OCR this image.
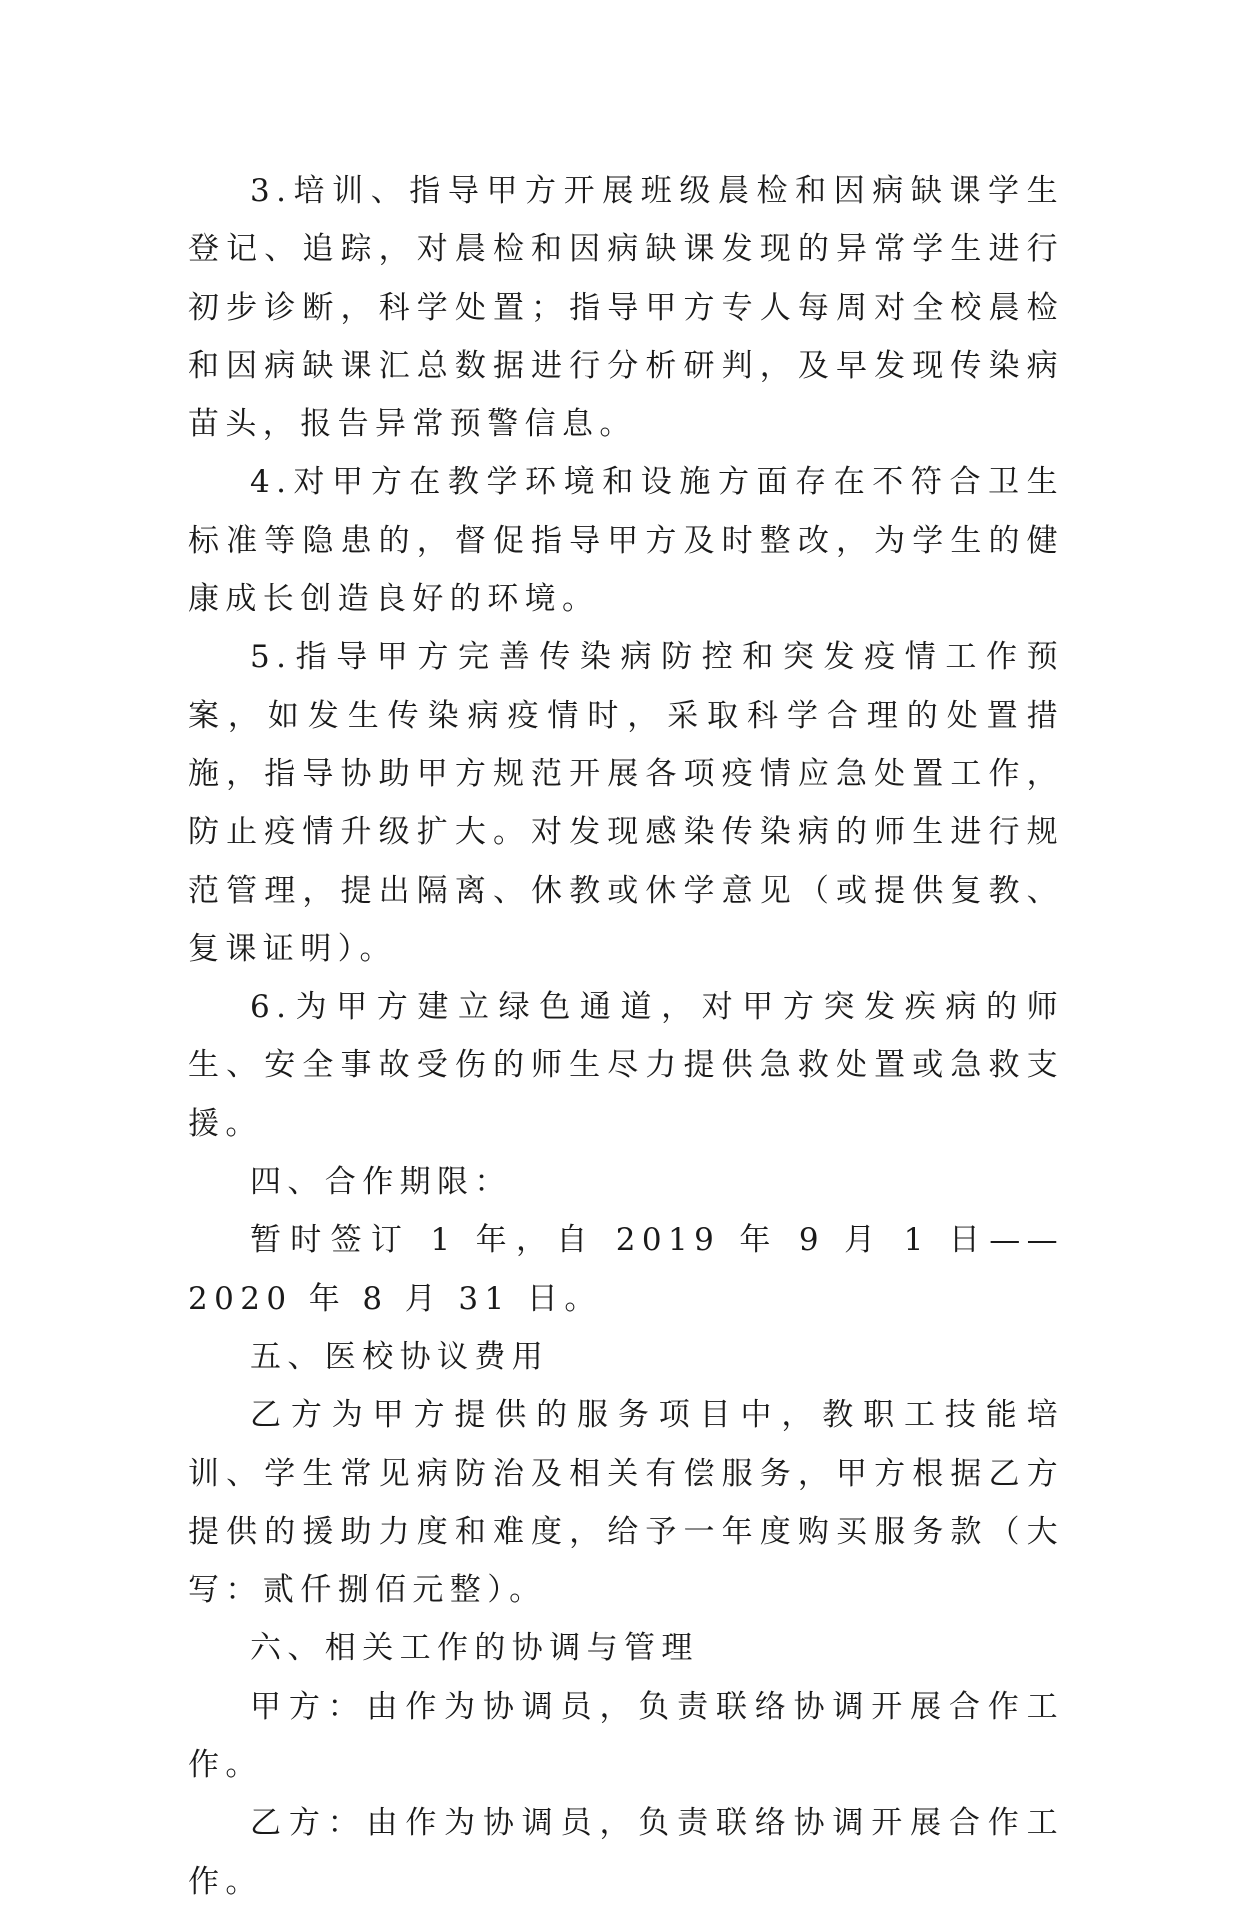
3.培训、指导甲方开展班级晨检和因病缺课学生登记、追踪，对晨检和因病缺课发现的异常学生进行初步诊断，科学处置；指导甲方专人每周对全校晨检和因病缺课汇总数据进行分析研判，及早发现传染病苗头，报告异常预警信息。

4.对甲方在教学环境和设施方面存在不符合卫生标准等隐患的，督促指导甲方及时整改，为学生的健康成长创造良好的环境。

5.指导甲方完善传染病防控和突发疫情工作预案，如发生传染病疫情时，采取科学合理的处置措施，指导协助甲方规范开展各项疫情应急处置工作，防止疫情升级扩大。对发现感染传染病的师生进行规范管理，提出隔离、休教或休学意见（或提供复教、复课证明）。

6.为甲方建立绿色通道，对甲方突发疾病的师生、安全事故受伤的师生尽力提供急救处置或急救支援。

四、合作期限：

暂时签订 1 年，自 2019 年 9 月 1 日——2020 年 8 月 31 日。

五、医校协议费用

乙方为甲方提供的服务项目中，教职工技能培训、学生常见病防治及相关有偿服务，甲方根据乙方提供的援助力度和难度，给予一年度购买服务款（大写：贰仟捌佰元整）。

六、相关工作的协调与管理

甲方：由作为协调员，负责联络协调开展合作工作。

乙方：由作为协调员，负责联络协调开展合作工作。
